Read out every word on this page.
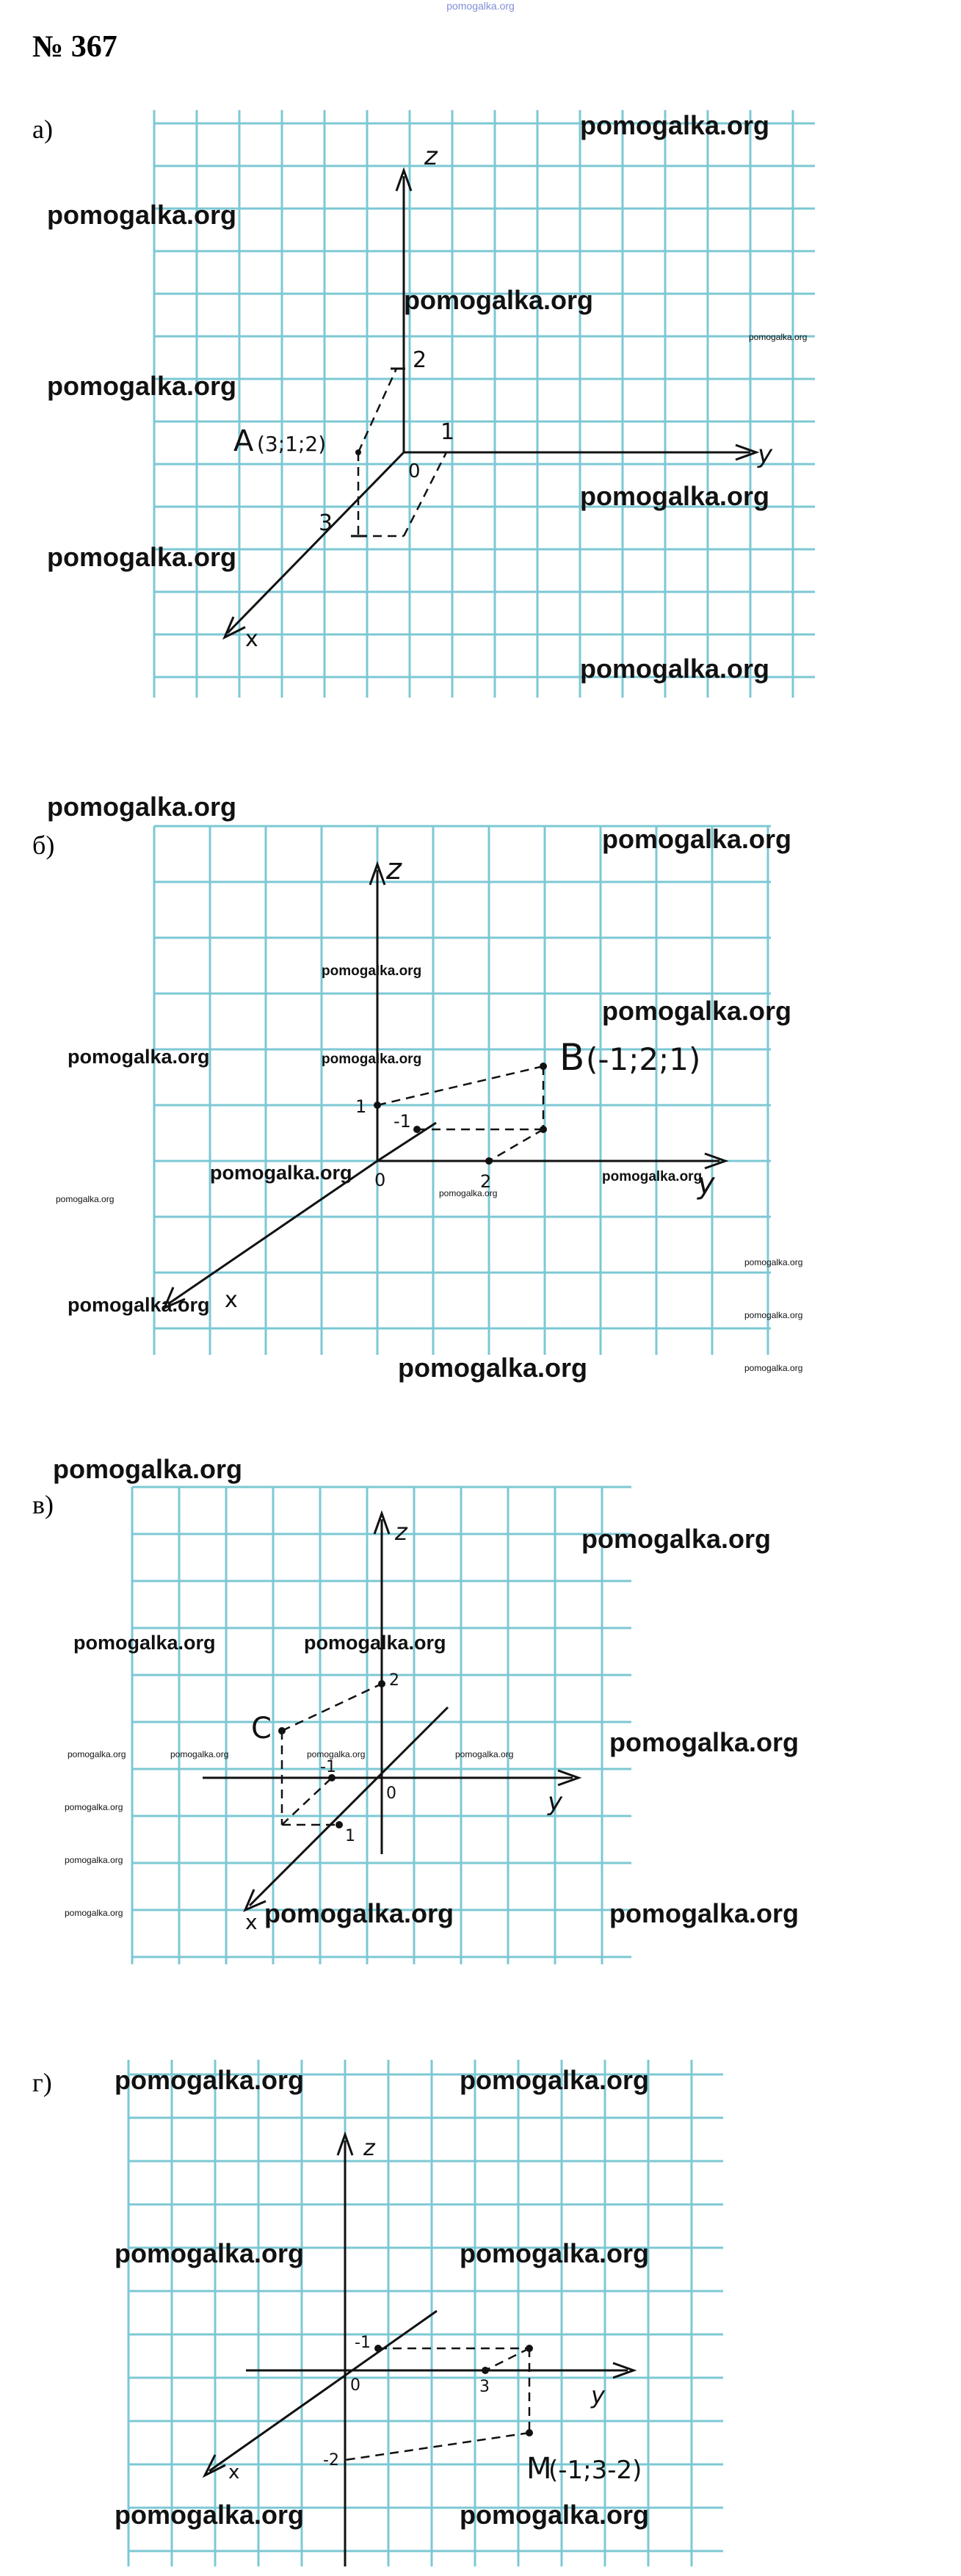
pomogalka.org
№ 367
а)
z
y
x
2
1
3
0
A (3;1;2)
б)
z
y
x
1
2
-1
0
B (-1;2;1)
в)
z
y
x
2
1
-1
0
C
г)
z
y
x
-1
3
-2
0
M
(-1;3-2)
pomogalka.org
pomogalka.org
pomogalka.org
pomogalka.org
pomogalka.org
pomogalka.org
pomogalka.org
pomogalka.org
pomogalka.org
pomogalka.org
pomogalka.org
pomogalka.org
pomogalka.org	pomogalka.org
pomogalka.org
pomogalka.org
pomogalka.org
pomogalka.org
pomogalka.org
pomogalka.org	pomogalka.org
pomogalka.org
pomogalka.org
pomogalka.org
pomogalka.org
pomogalka.org	pomogalka.org
pomogalka.org	pomogalka.org	pomogalka.org	pomogalka.org	pomogalka.org
pomogalka.org
pomogalka.org
pomogalka.org	pomogalka.org	pomogalka.org
pomogalka.org	pomogalka.org
pomogalka.org	pomogalka.org
pomogalka.org	pomogalka.org
